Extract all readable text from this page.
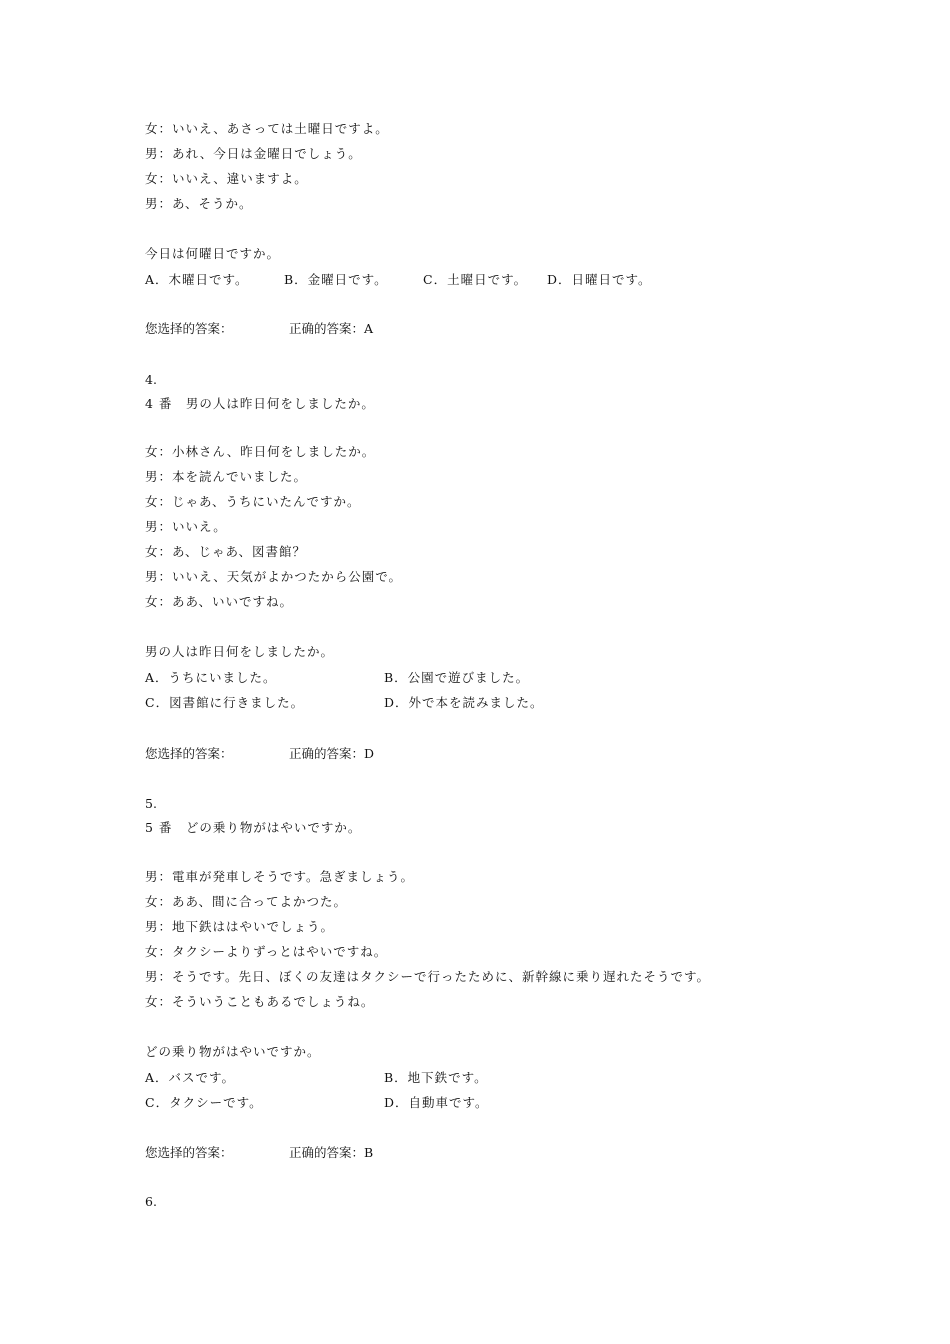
女：いいえ、あさっては土曜日ですよ。
男：あれ、今日は金曜日でしょう。
女：いいえ、違いますよ。
男：あ、そうか。
今日は何曜日ですか。
A．木曜日です。	B．金曜日です。	C．土曜日です。 D．日曜日です。
您选择的答案：	正确的答案：A
4.
4 番　男の人は昨日何をしましたか。
女：小林さん、昨日何をしましたか。
男：本を読んでいました。
女：じゃあ、うちにいたんですか。
男：いいえ。
女：あ、じゃあ、図書館？
男：いいえ、天気がよかつたから公園で。
女：ああ、いいですね。
男の人は昨日何をしましたか。
A．うちにいました。	B．公園で遊びました。
C．図書館に行きました。	D．外で本を読みました。
您选择的答案：	正确的答案：D
5.
5 番　どの乗り物がはやいですか。
男：電車が発車しそうです。急ぎましょう。
女：ああ、間に合ってよかつた。
男：地下鉄ははやいでしょう。
女：タクシーよりずっとはやいですね。
男：そうです。先日、ぼくの友達はタクシーで行ったために、新幹線に乗り遅れたそうです。
女：そういうこともあるでしょうね。
どの乗り物がはやいですか。
A．バスです。	B．地下鉄です。
C．タクシーです。	D．自動車です。
您选择的答案：	正确的答案：B
6.
